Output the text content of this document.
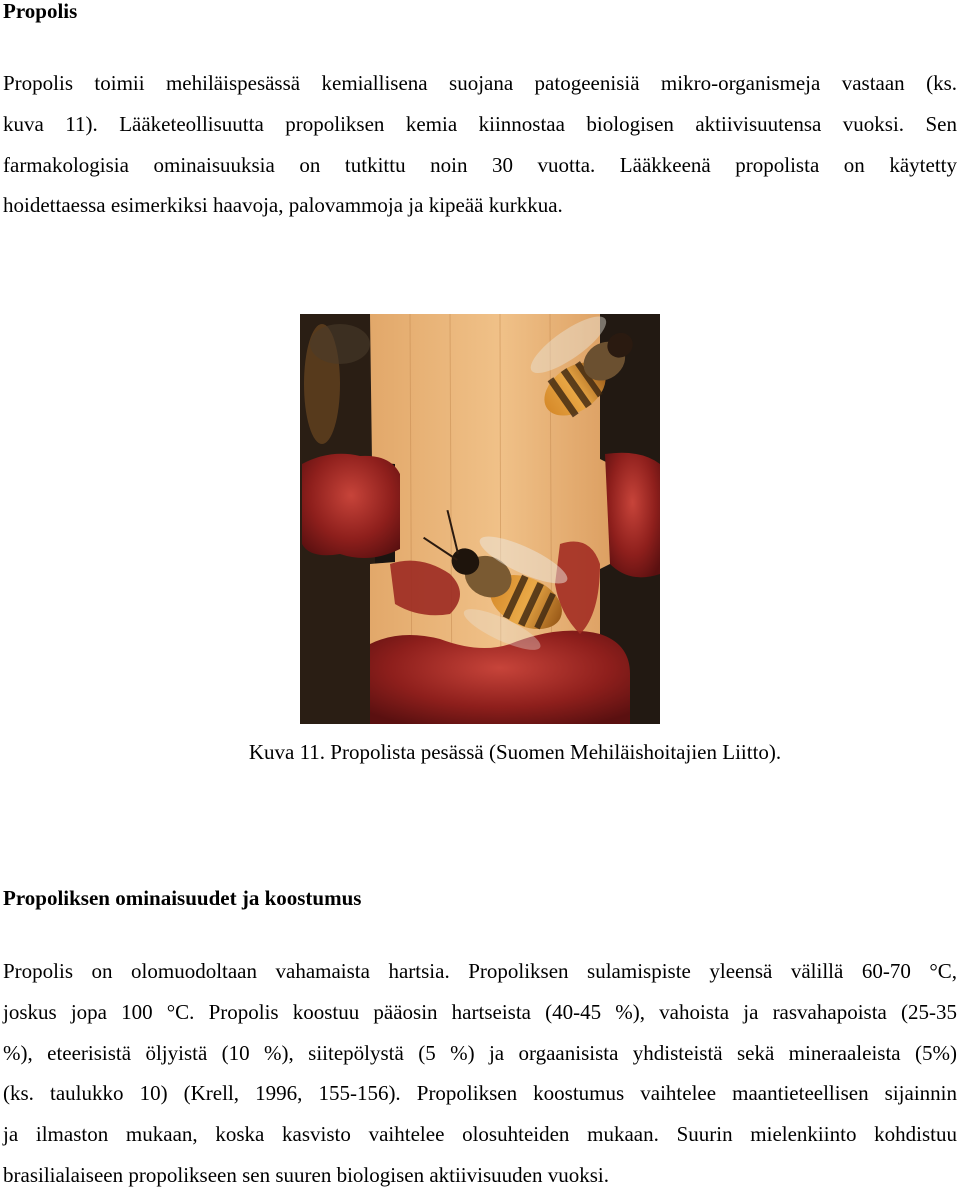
Propolis
Propolis toimii mehiläispesässä kemiallisena suojana patogeenisiä mikro-organismeja vastaan (ks.
kuva 11). Lääketeollisuutta propoliksen kemia kiinnostaa biologisen aktiivisuutensa vuoksi. Sen
farmakologisia ominaisuuksia on tutkittu noin 30 vuotta. Lääkkeenä propolista on käytetty
hoidettaessa esimerkiksi haavoja, palovammoja ja kipeää kurkkua.

Kuva 11. Propolista pesässä (Suomen Mehiläishoitajien Liitto).

Propoliksen ominaisuudet ja koostumus
Propolis on olomuodoltaan vahamaista hartsia. Propoliksen sulamispiste yleensä välillä 60-70 °C,
joskus jopa 100 °C. Propolis koostuu pääosin hartseista (40-45 %), vahoista ja rasvahapoista (25-35
%), eteerisistä öljyistä (10 %), siitepölystä (5 %) ja orgaanisista yhdisteistä sekä mineraaleista (5%)
(ks. taulukko 10) (Krell, 1996, 155-156). Propoliksen koostumus vaihtelee maantieteellisen sijainnin
ja ilmaston mukaan, koska kasvisto vaihtelee olosuhteiden mukaan. Suurin mielenkiinto kohdistuu
brasilialaiseen propolikseen sen suuren biologisen aktiivisuuden vuoksi.
